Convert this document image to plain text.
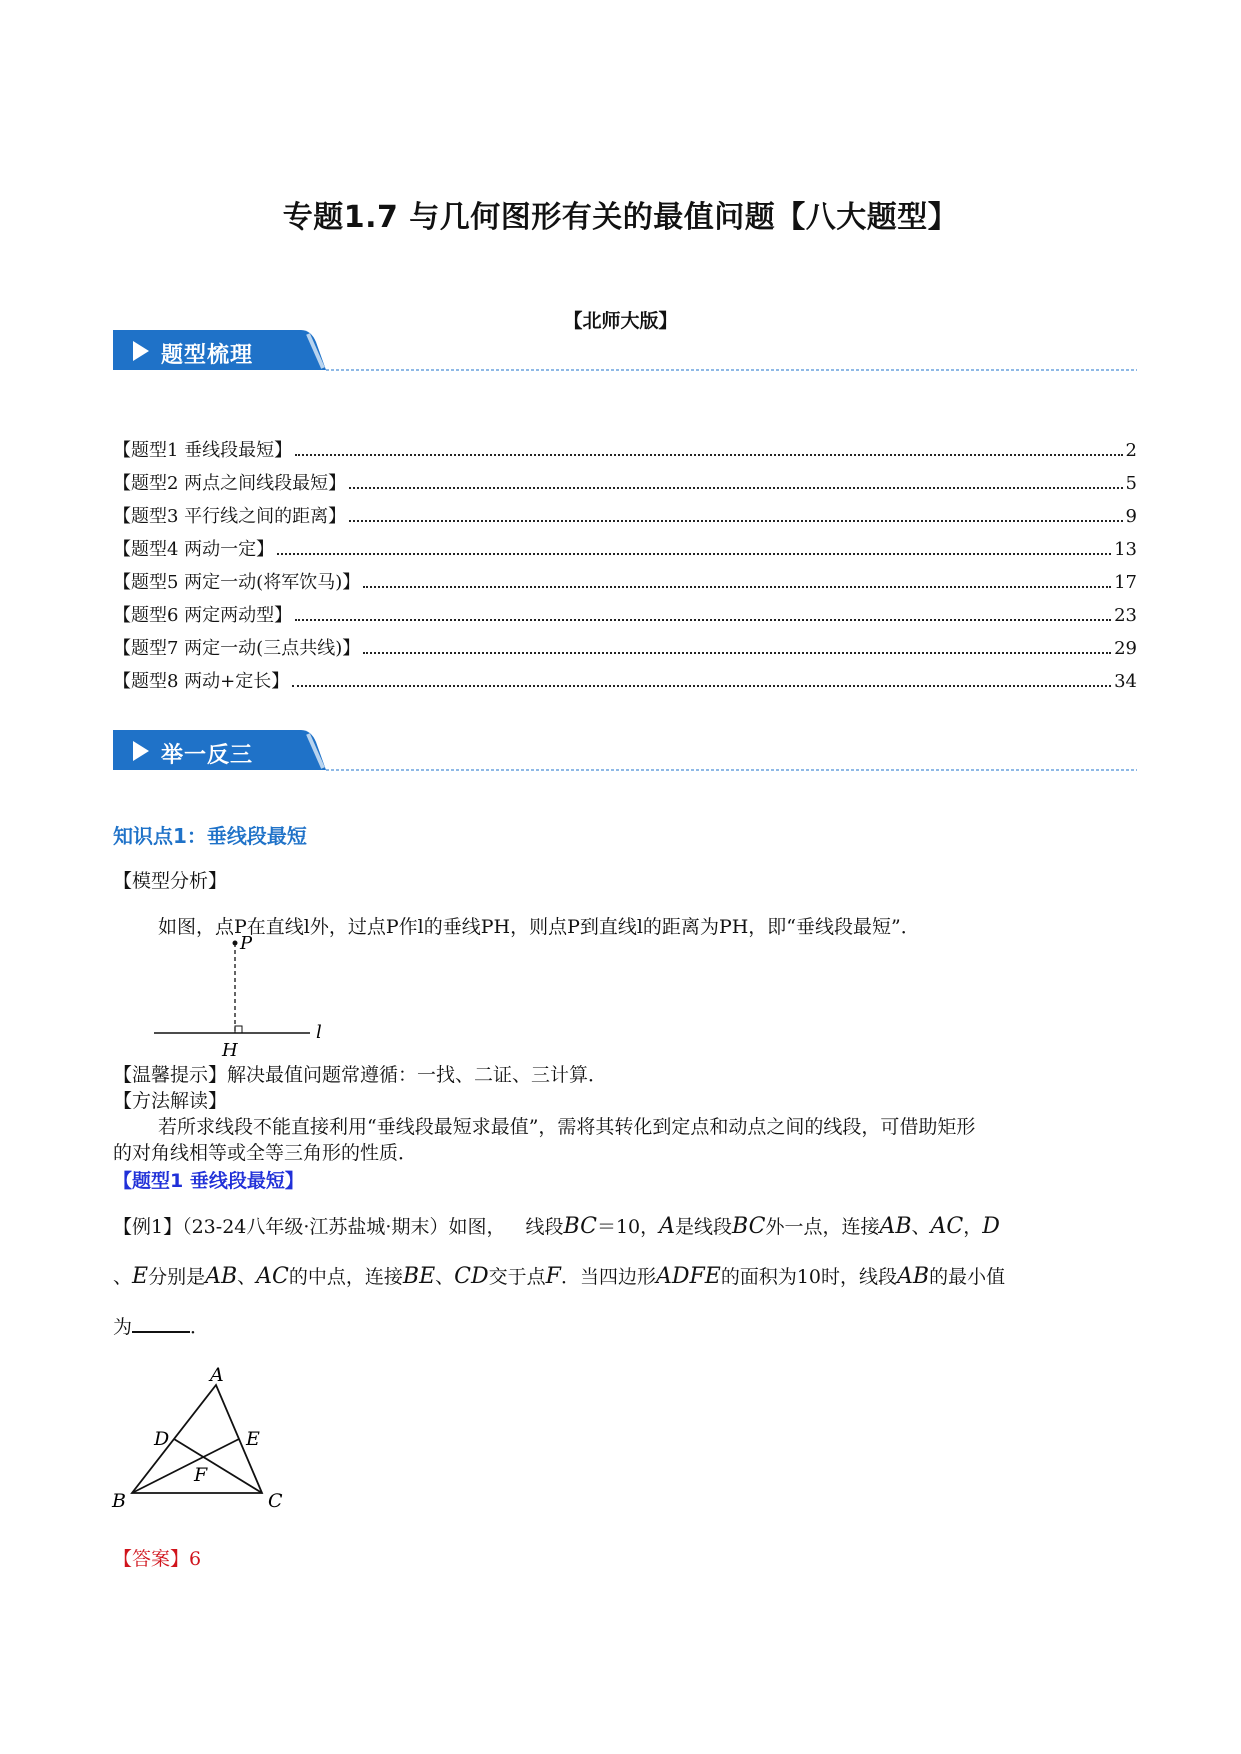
专题1.7 与几何图形有关的最值问题【八大题型】
【北师大版】
题型梳理
【题型1 垂线段最短】	2
【题型2 两点之间线段最短】	5
【题型3 平行线之间的距离】	9
【题型4 两动一定】	13
【题型5 两定一动(将军饮马)】	17
【题型6 两定两动型】	23
【题型7 两定一动(三点共线)】	29
【题型8 两动+定长】	34
举一反三
知识点1：垂线段最短
【模型分析】
如图，点P在直线l外，过点P作l的垂线PH，则点P到直线l的距离为PH，即“垂线段最短”．
P
H
l
【温馨提示】解决最值问题常遵循：一找、二证、三计算．
【方法解读】
若所求线段不能直接利用“垂线段最短求最值”，需将其转化到定点和动点之间的线段，可借助矩形
的对角线相等或全等三角形的性质．
【题型1 垂线段最短】
【例1】（23-24八年级·江苏盐城·期末）如图， 线段BC＝10，A是线段BC外一点，连接AB、AC，D
、E分别是AB、AC的中点，连接BE、CD交于点F．当四边形ADFE的面积为10时，线段AB的最小值
为	．
A
B	C
D	E
F
【答案】6
